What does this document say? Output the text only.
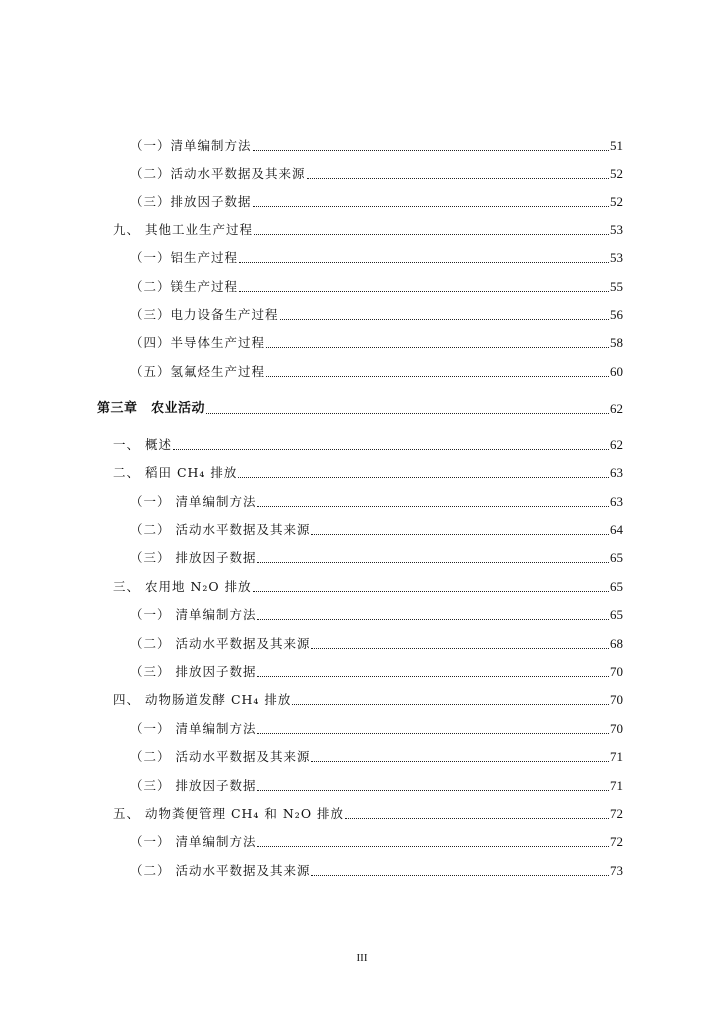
（一）清单编制方法	51
（二）活动水平数据及其来源	52
（三）排放因子数据	52
九、 其他工业生产过程	53
（一）铝生产过程	53
（二）镁生产过程	55
（三）电力设备生产过程	56
（四）半导体生产过程	58
（五）氢氟烃生产过程	60
第三章　农业活动	62
一、 概述	62
二、 稻田 CH₄ 排放	63
（一） 清单编制方法	63
（二） 活动水平数据及其来源	64
（三） 排放因子数据	65
三、 农用地 N₂O 排放	65
（一） 清单编制方法	65
（二） 活动水平数据及其来源	68
（三） 排放因子数据	70
四、 动物肠道发酵 CH₄ 排放	70
（一） 清单编制方法	70
（二） 活动水平数据及其来源	71
（三） 排放因子数据	71
五、 动物粪便管理 CH₄ 和 N₂O 排放	72
（一） 清单编制方法	72
（二） 活动水平数据及其来源	73
III
